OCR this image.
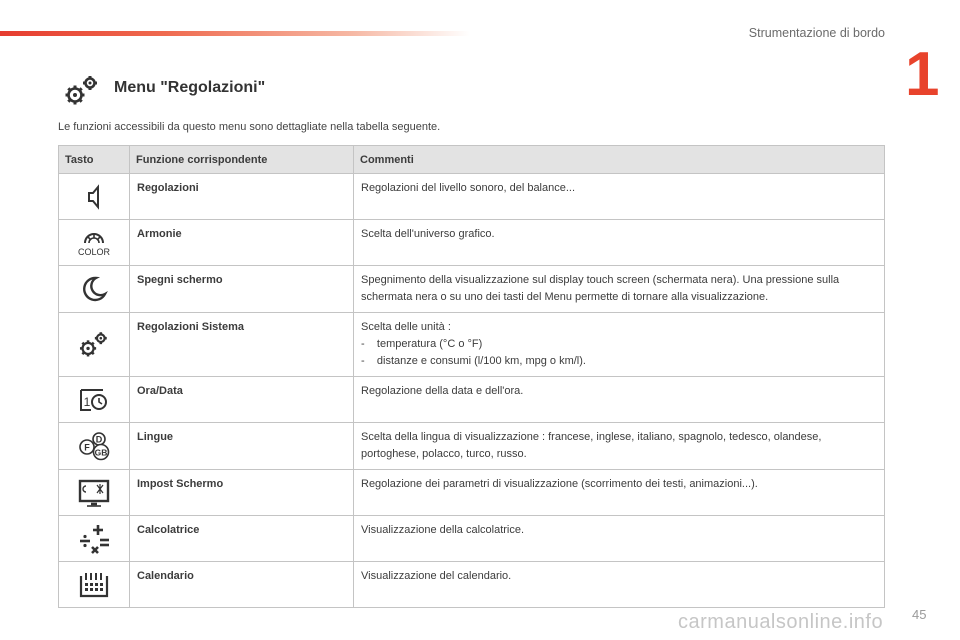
Strumentazione di bordo
1
Menu "Regolazioni"
Le funzioni accessibili da questo menu sono dettagliate nella tabella seguente.
Tasto	Funzione corrispondente	Commenti

	Regolazioni	Regolazioni del livello sonoro, del balance...

COLOR	Armonie	Scelta dell'universo grafico.

	Spegni schermo	Spegnimento della visualizzazione sul display touch screen (schermata nera). Una pressione sulla schermata nera o su uno dei tasti del Menu permette di tornare alla visualizzazione.

	Regolazioni Sistema	Scelta delle unità :
-    temperatura (°C o °F)
-    distanze e consumi (l/100 km, mpg o km/l).

1	Ora/Data	Regolazione della data e dell'ora.

D
F GB	Lingue	Scelta della lingua di visualizzazione : francese, inglese, italiano, spagnolo, tedesco, olandese, portoghese, polacco, turco, russo.

	Impost Schermo	Regolazione dei parametri di visualizzazione (scorrimento dei testi, animazioni...).

	Calcolatrice	Visualizzazione della calcolatrice.

	Calendario	Visualizzazione del calendario.
carmanualsonline.info 45
